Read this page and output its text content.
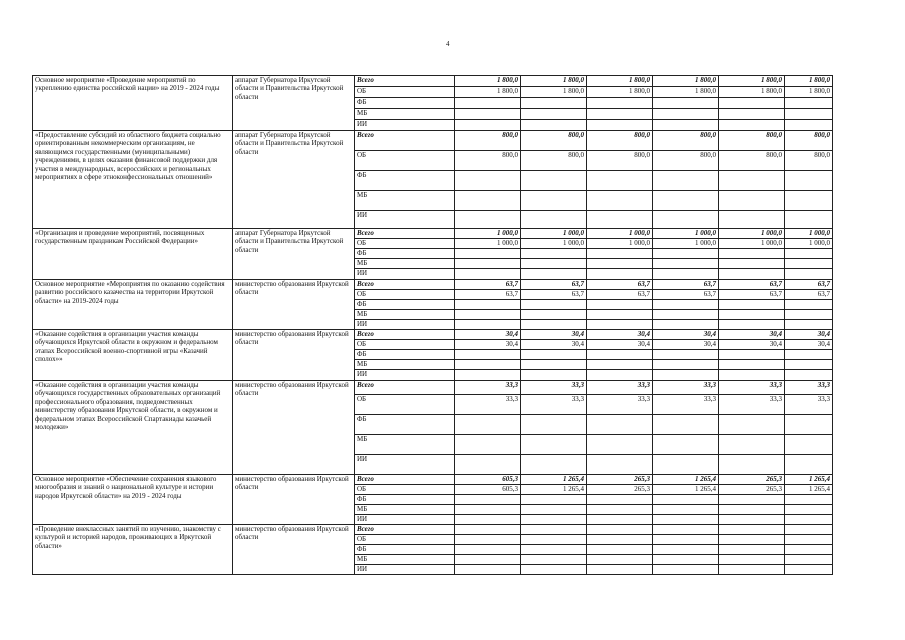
4
Основное мероприятие «Проведение мероприятий по укреплению единства российской нации» на 2019 - 2024 годы	аппарат Губернатора Иркутской области и Правительства Иркутской области	Всего	1 800,0	1 800,0	1 800,0	1 800,0	1 800,0	1 800,0
		ОБ	1 800,0	1 800,0	1 800,0	1 800,0	1 800,0	1 800,0
		ФБ						
		МБ						
		ИИ						
«Предоставление субсидий из областного бюджета социально ориентированным некоммерческим организациям, не являющимся государственными (муниципальными) учреждениями, в целях оказания финансовой поддержки для участия в международных, всероссийских и региональных мероприятиях в сфере этноконфессиональных отношений»	аппарат Губернатора Иркутской области и Правительства Иркутской области	Всего	800,0	800,0	800,0	800,0	800,0	800,0
		ОБ	800,0	800,0	800,0	800,0	800,0	800,0
		ФБ						
		МБ						
		ИИ						
«Организация и проведение мероприятий, посвященных государственным праздникам Российской Федерации»	аппарат Губернатора Иркутской области и Правительства Иркутской области	Всего	1 000,0	1 000,0	1 000,0	1 000,0	1 000,0	1 000,0
		ОБ	1 000,0	1 000,0	1 000,0	1 000,0	1 000,0	1 000,0
		ФБ						
		МБ						
		ИИ						
Основное мероприятие «Мероприятия по оказанию содействия развитию российского казачества на территории Иркутской области» на 2019-2024 годы	министерство образования Иркутской области	Всего	63,7	63,7	63,7	63,7	63,7	63,7
		ОБ	63,7	63,7	63,7	63,7	63,7	63,7
		ФБ						
		МБ						
		ИИ						
«Оказание содействия в организации участия команды обучающихся Иркутской области в окружном и федеральном этапах Всероссийской военно-спортивной игры «Казачий сполох»»	министерство образования Иркутской области	Всего	30,4	30,4	30,4	30,4	30,4	30,4
		ОБ	30,4	30,4	30,4	30,4	30,4	30,4
		ФБ						
		МБ						
		ИИ						
«Оказание содействия в организации участия команды обучающихся государственных образовательных организаций профессионального образования, подведомственных министерству образования Иркутской области, в окружном и федеральном этапах Всероссийской Спартакиады казачьей молодежи»	министерство образования Иркутской области	Всего	33,3	33,3	33,3	33,3	33,3	33,3
		ОБ	33,3	33,3	33,3	33,3	33,3	33,3
		ФБ						
		МБ						
		ИИ						
Основное мероприятие «Обеспечение сохранения языкового многообразия и знаний о национальной культуре и истории народов Иркутской области» на 2019 - 2024 годы	министерство образования Иркутской области	Всего	605,3	1 265,4	265,3	1 265,4	265,3	1 265,4
		ОБ	605,3	1 265,4	265,3	1 265,4	265,3	1 265,4
		ФБ						
		МБ						
		ИИ						
«Проведение внеклассных занятий по изучению, знакомству с культурой и историей народов, проживающих в Иркутской области»	министерство образования Иркутской области	Всего						
		ОБ						
		ФБ						
		МБ						
		ИИ						
